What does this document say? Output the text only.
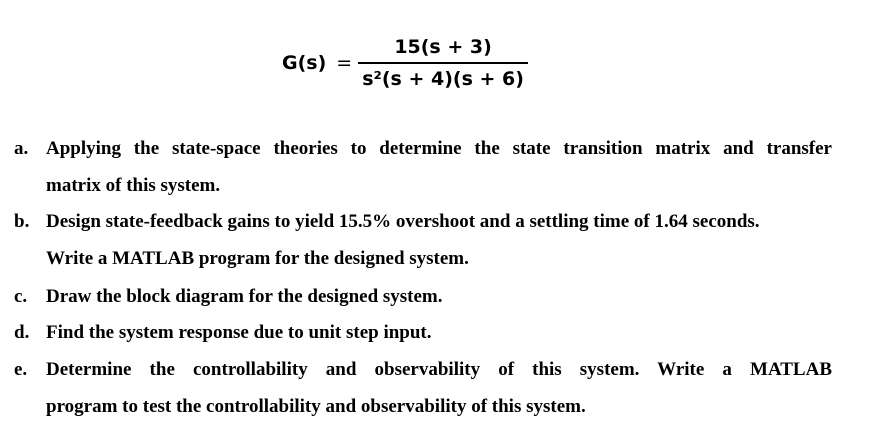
$G(s) = \frac{15(s + 3)}{\text{s²(s + 4)(s + 6)}}$
a. Applying the state-space theories to determine the state transition matrix and transfer
matrix of this system.
b. Design state-feedback gains to yield 15.5% overshoot and a settling time of 1.64 seconds.
Write a MATLAB program for the designed system.
c. Draw the block diagram for the designed system.
d. Find the system response due to unit step input.
e. Determine the controllability and observability of this system. Write a MATLAB
program to test the controllability and observability of this system.
